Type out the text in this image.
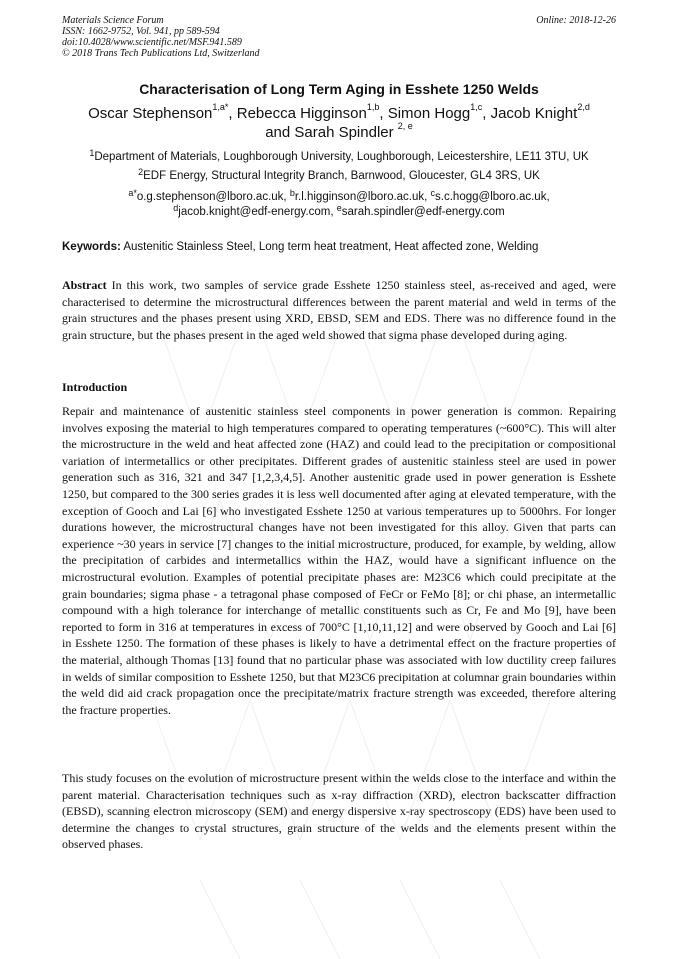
Materials Science Forum
ISSN: 1662-9752, Vol. 941, pp 589-594
doi:10.4028/www.scientific.net/MSF.941.589
© 2018 Trans Tech Publications Ltd, Switzerland
Online: 2018-12-26
Characterisation of Long Term Aging in Esshete 1250 Welds
Oscar Stephenson$^{1,a*}$, Rebecca Higginson$^{1,b}$, Simon Hogg$^{1,c}$, Jacob Knight$^{2,d}$
and Sarah Spindler $^{2, e}$
$^1$Department of Materials, Loughborough University, Loughborough, Leicestershire, LE11 3TU, UK
$^2$EDF Energy, Structural Integrity Branch, Barnwood, Gloucester, GL4 3RS, UK
$^{a*}$o.g.stephenson@lboro.ac.uk, $^b$r.l.higginson@lboro.ac.uk, $^c$s.c.hogg@lboro.ac.uk,
$^d$jacob.knight@edf-energy.com, $^e$sarah.spindler@edf-energy.com
Keywords: Austenitic Stainless Steel, Long term heat treatment, Heat affected zone, Welding
Abstract In this work, two samples of service grade Esshete 1250 stainless steel, as-received and aged, were characterised to determine the microstructural differences between the parent material and weld in terms of the grain structures and the phases present using XRD, EBSD, SEM and EDS. There was no difference found in the grain structure, but the phases present in the aged weld showed that sigma phase developed during aging.
Introduction
Repair and maintenance of austenitic stainless steel components in power generation is common. Repairing involves exposing the material to high temperatures compared to operating temperatures (~600°C). This will alter the microstructure in the weld and heat affected zone (HAZ) and could lead to the precipitation or compositional variation of intermetallics or other precipitates. Different grades of austenitic stainless steel are used in power generation such as 316, 321 and 347 [1,2,3,4,5]. Another austenitic grade used in power generation is Esshete 1250, but compared to the 300 series grades it is less well documented after aging at elevated temperature, with the exception of Gooch and Lai [6] who investigated Esshete 1250 at various temperatures up to 5000hrs. For longer durations however, the microstructural changes have not been investigated for this alloy. Given that parts can experience ~30 years in service [7] changes to the initial microstructure, produced, for example, by welding, allow the precipitation of carbides and intermetallics within the HAZ, would have a significant influence on the microstructural evolution. Examples of potential precipitate phases are: M23C6 which could precipitate at the grain boundaries; sigma phase - a tetragonal phase composed of FeCr or FeMo [8]; or chi phase, an intermetallic compound with a high tolerance for interchange of metallic constituents such as Cr, Fe and Mo [9], have been reported to form in 316 at temperatures in excess of 700°C [1,10,11,12] and were observed by Gooch and Lai [6] in Esshete 1250. The formation of these phases is likely to have a detrimental effect on the fracture properties of the material, although Thomas [13] found that no particular phase was associated with low ductility creep failures in welds of similar composition to Esshete 1250, but that M23C6 precipitation at columnar grain boundaries within the weld did aid crack propagation once the precipitate/matrix fracture strength was exceeded, therefore altering the fracture properties.
This study focuses on the evolution of microstructure present within the welds close to the interface and within the parent material. Characterisation techniques such as x-ray diffraction (XRD), electron backscatter diffraction (EBSD), scanning electron microscopy (SEM) and energy dispersive x-ray spectroscopy (EDS) have been used to determine the changes to crystal structures, grain structure of the welds and the elements present within the observed phases.
